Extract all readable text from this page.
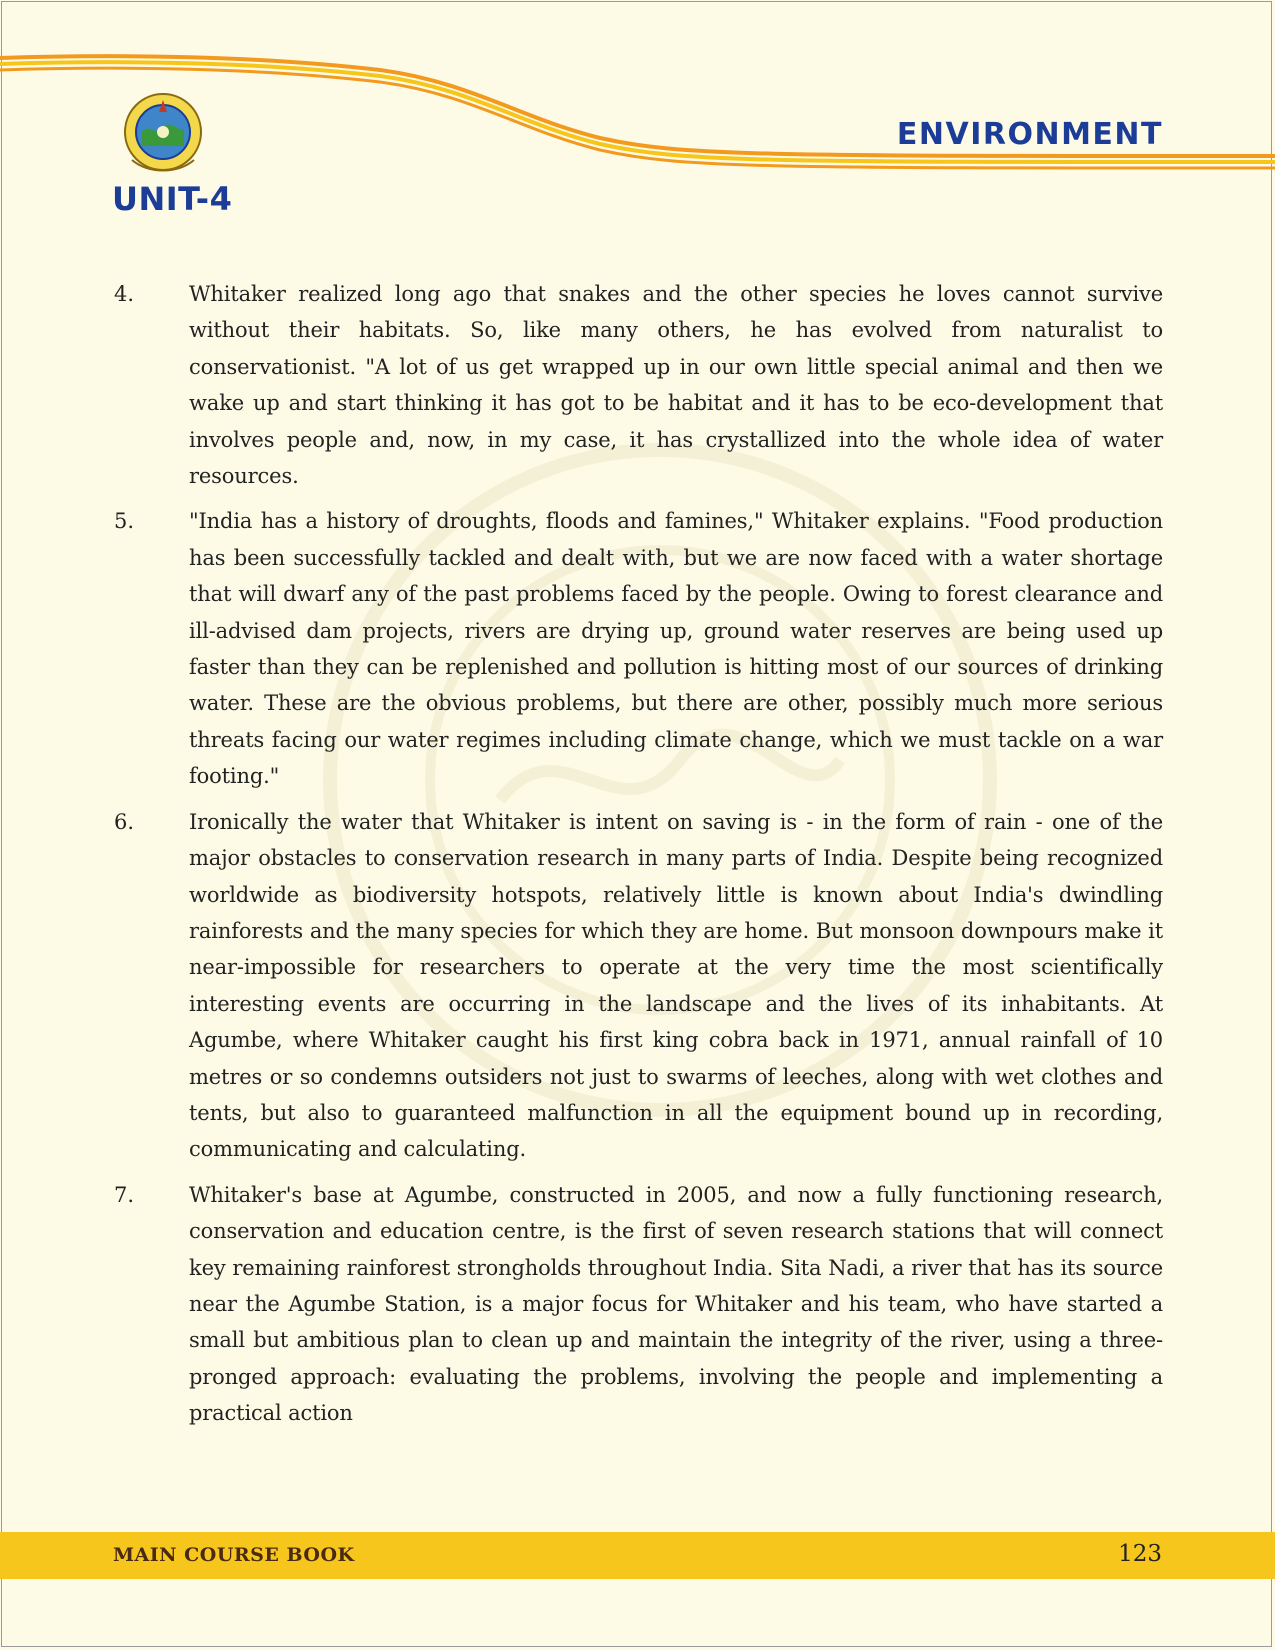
UNIT-4
ENVIRONMENT
4.	Whitaker realized long ago that snakes and the other species he loves cannot survive without their habitats. So, like many others, he has evolved from naturalist to conservationist. "A lot of us get wrapped up in our own little special animal and then we wake up and start thinking it has got to be habitat and it has to be eco-development that involves people and, now, in my case, it has crystallized into the whole idea of water resources.
5.	"India has a history of droughts, floods and famines," Whitaker explains. "Food production has been successfully tackled and dealt with, but we are now faced with a water shortage that will dwarf any of the past problems faced by the people. Owing to forest clearance and ill-advised dam projects, rivers are drying up, ground water reserves are being used up faster than they can be replenished and pollution is hitting most of our sources of drinking water. These are the obvious problems, but there are other, possibly much more serious threats facing our water regimes including climate change, which we must tackle on a war footing."
6.	Ironically the water that Whitaker is intent on saving is - in the form of rain - one of the major obstacles to conservation research in many parts of India. Despite being recognized worldwide as biodiversity hotspots, relatively little is known about India's dwindling rainforests and the many species for which they are home. But monsoon downpours make it near-impossible for researchers to operate at the very time the most scientifically interesting events are occurring in the landscape and the lives of its inhabitants. At Agumbe, where Whitaker caught his first king cobra back in 1971, annual rainfall of 10 metres or so condemns outsiders not just to swarms of leeches, along with wet clothes and tents, but also to guaranteed malfunction in all the equipment bound up in recording, communicating and calculating.
7.	Whitaker's base at Agumbe, constructed in 2005, and now a fully functioning research, conservation and education centre, is the first of seven research stations that will connect key remaining rainforest strongholds throughout India. Sita Nadi, a river that has its source near the Agumbe Station, is a major focus for Whitaker and his team, who have started a small but ambitious plan to clean up and maintain the integrity of the river, using a three-pronged approach: evaluating the problems, involving the people and implementing a practical action
MAIN COURSE BOOK	123
